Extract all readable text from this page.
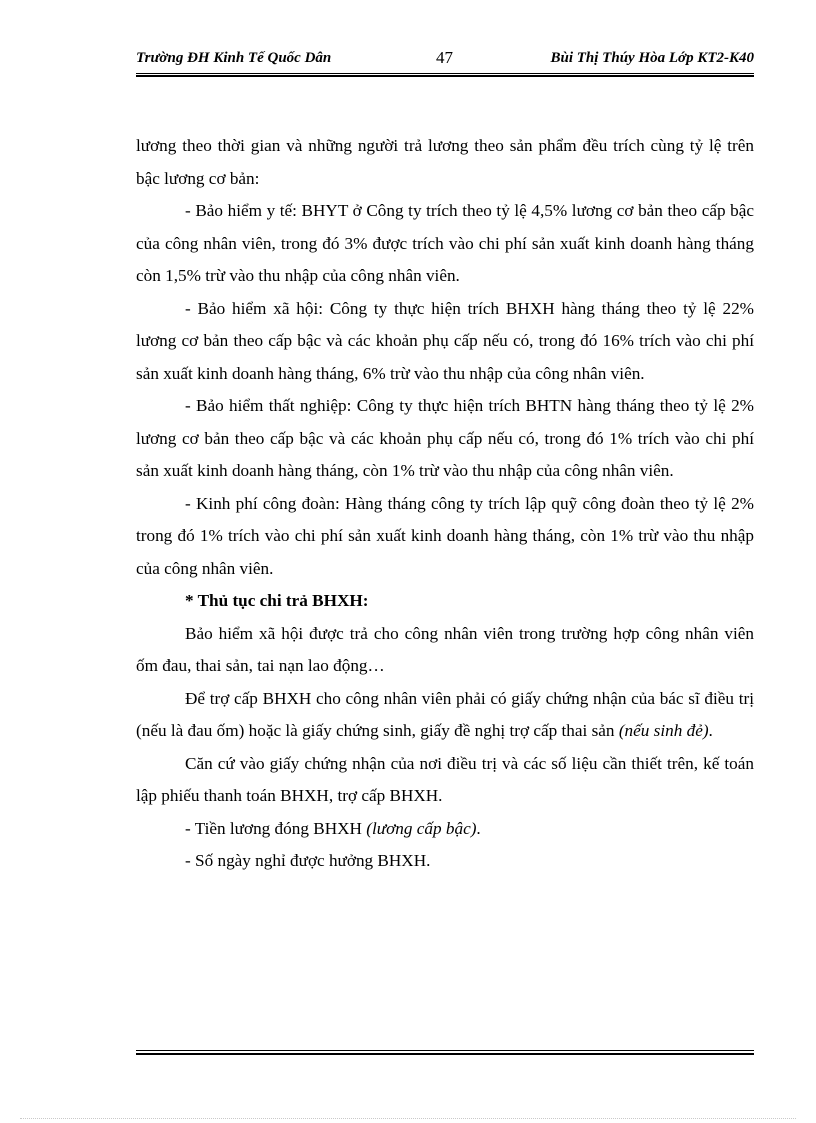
Trường ĐH Kinh Tế Quốc Dân	47	Bùi Thị Thúy Hòa Lớp KT2-K40

lương theo thời gian và những người trả lương theo sản phẩm đều trích cùng tỷ lệ trên bậc lương cơ bản:

- Bảo hiểm y tế: BHYT ở Công ty trích theo tỷ lệ 4,5% lương cơ bản theo cấp bậc của công nhân viên, trong đó 3% được trích vào chi phí sản xuất kinh doanh hàng tháng còn 1,5% trừ vào thu nhập của công nhân viên.

- Bảo hiểm xã hội: Công ty thực hiện trích BHXH hàng tháng theo tỷ lệ 22% lương cơ bản theo cấp bậc và các khoản phụ cấp nếu có, trong đó 16% trích vào chi phí sản xuất kinh doanh hàng tháng, 6% trừ vào thu nhập của công nhân viên.

- Bảo hiểm thất nghiệp: Công ty thực hiện trích BHTN hàng tháng theo tỷ lệ 2% lương cơ bản theo cấp bậc và các khoản phụ cấp nếu có, trong đó 1% trích vào chi phí sản xuất kinh doanh hàng tháng, còn 1% trừ vào thu nhập của công nhân viên.

- Kinh phí công đoàn: Hàng tháng công ty trích lập quỹ công đoàn theo tỷ lệ 2% trong đó 1% trích vào chi phí sản xuất kinh doanh hàng tháng, còn 1% trừ vào thu nhập của công nhân viên.

* Thủ tục chi trả BHXH:

Bảo hiểm xã hội được trả cho công nhân viên trong trường hợp công nhân viên ốm đau, thai sản, tai nạn lao động…

Để trợ cấp BHXH cho công nhân viên phải có giấy chứng nhận của bác sĩ điều trị (nếu là đau ốm) hoặc là giấy chứng sinh, giấy đề nghị trợ cấp thai sản (nếu sinh đẻ).

Căn cứ vào giấy chứng nhận của nơi điều trị và các số liệu cần thiết trên, kế toán lập phiếu thanh toán BHXH, trợ cấp BHXH.

- Tiền lương đóng BHXH (lương cấp bậc).

- Số ngày nghỉ được hưởng BHXH.
